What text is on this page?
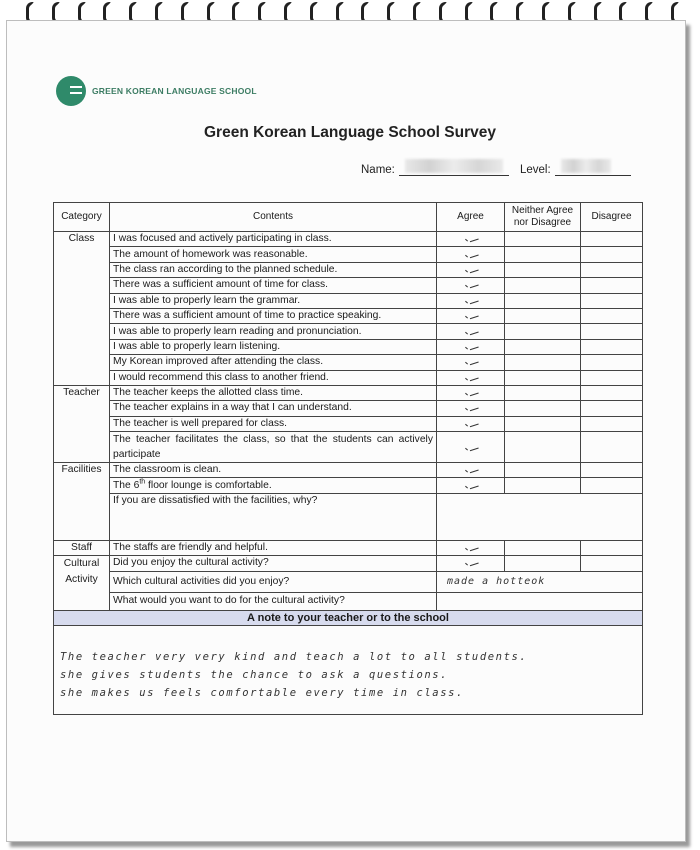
GREEN KOREAN LANGUAGE SCHOOL
Green Korean Language School Survey
Name:	Level:
Category	Contents	Agree	Neither Agree nor Disagree	Disagree
Class	I was focused and actively participating in class.			
	The amount of homework was reasonable.			
	The class ran according to the planned schedule.			
	There was a sufficient amount of time for class.			
	I was able to properly learn the grammar.			
	There was a sufficient amount of time to practice speaking.			
	I was able to properly learn reading and pronunciation.			
	I was able to properly learn listening.			
	My Korean improved after attending the class.			
	I would recommend this class to another friend.			
Teacher	The teacher keeps the allotted class time.			
	The teacher explains in a way that I can understand.			
	The teacher is well prepared for class.			
	The teacher facilitates the class, so that the students can actively participate			
Facilities	The classroom is clean.			
	The 6th floor lounge is comfortable.			
	If you are dissatisfied with the facilities, why?			
Staff	The staffs are friendly and helpful.			
Cultural Activity	Did you enjoy the cultural activity?			
	Which cultural activities did you enjoy?	made a hotteok		
	What would you want to do for the cultural activity?			
A note to your teacher or to the school				

The teacher very very kind and teach a lot to all students.
she gives students the chance to ask a questions.
she makes us feels comfortable every time in class.
